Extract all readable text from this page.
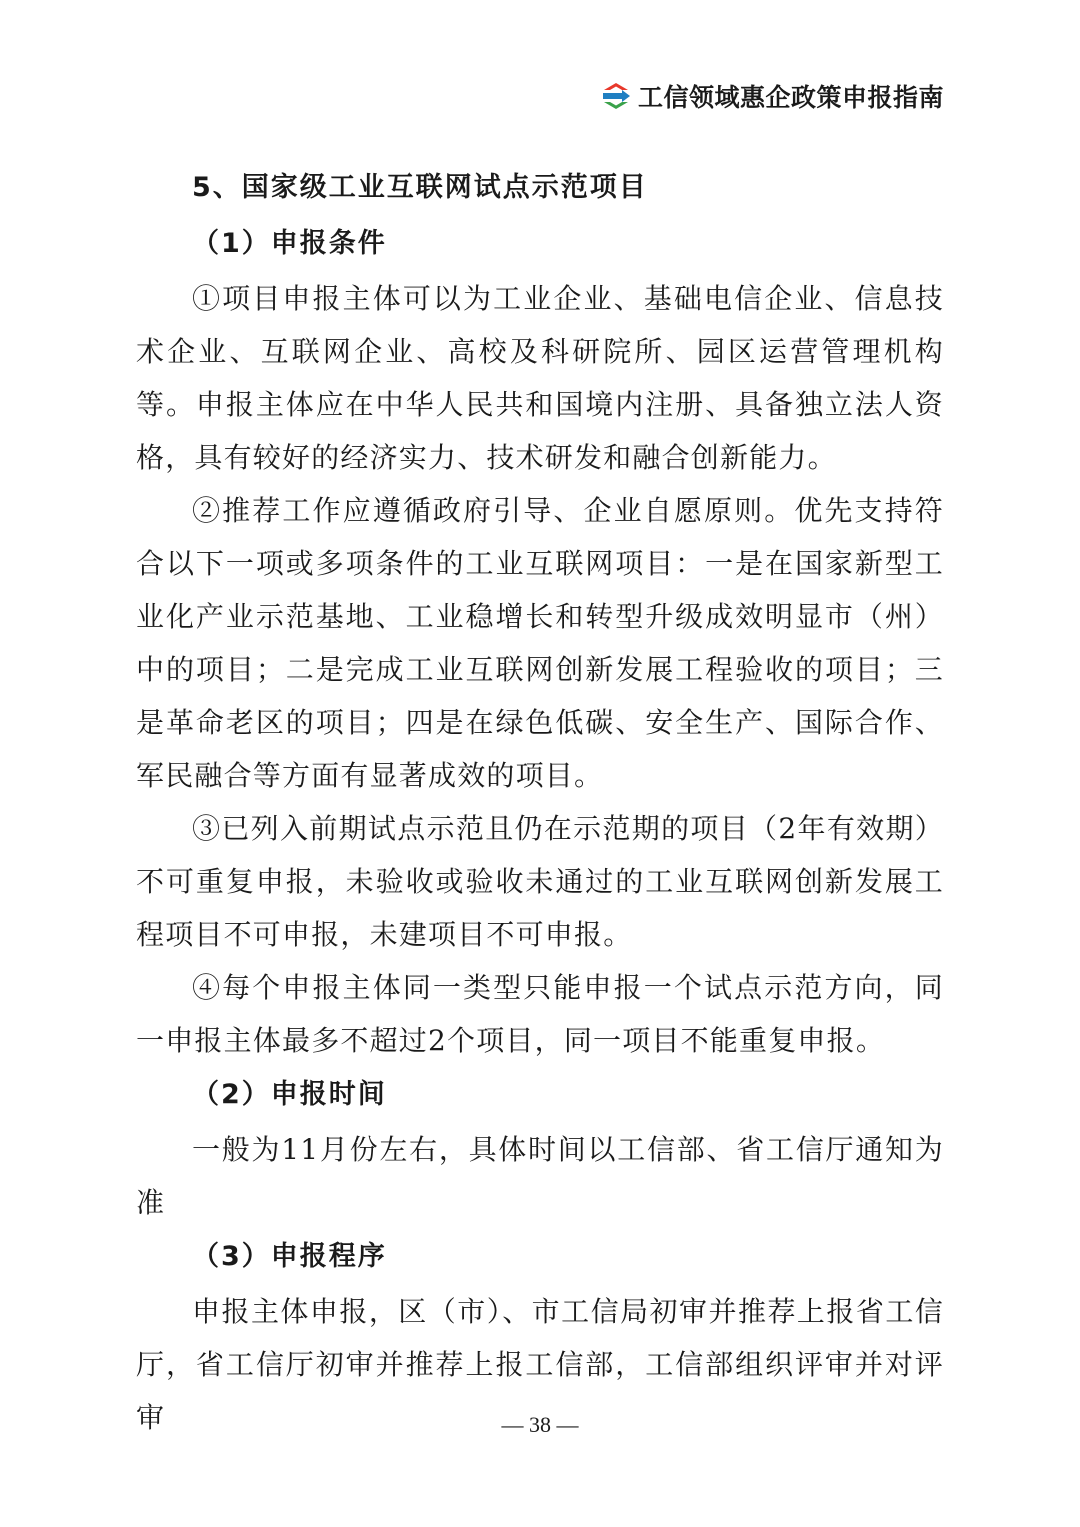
工信领域惠企政策申报指南
5、国家级工业互联网试点示范项目
（1）申报条件

①项目申报主体可以为工业企业、基础电信企业、信息技术企业、互联网企业、高校及科研院所、园区运营管理机构等。申报主体应在中华人民共和国境内注册、具备独立法人资格，具有较好的经济实力、技术研发和融合创新能力。

②推荐工作应遵循政府引导、企业自愿原则。优先支持符合以下一项或多项条件的工业互联网项目：一是在国家新型工业化产业示范基地、工业稳增长和转型升级成效明显市（州）中的项目；二是完成工业互联网创新发展工程验收的项目；三是革命老区的项目；四是在绿色低碳、安全生产、国际合作、军民融合等方面有显著成效的项目。

③已列入前期试点示范且仍在示范期的项目（2年有效期）不可重复申报，未验收或验收未通过的工业互联网创新发展工程项目不可申报，未建项目不可申报。

④每个申报主体同一类型只能申报一个试点示范方向，同一申报主体最多不超过2个项目，同一项目不能重复申报。

（2）申报时间

一般为11月份左右，具体时间以工信部、省工信厅通知为准

（3）申报程序

申报主体申报，区（市）、市工信局初审并推荐上报省工信厅，省工信厅初审并推荐上报工信部，工信部组织评审并对评审	— 38 —
